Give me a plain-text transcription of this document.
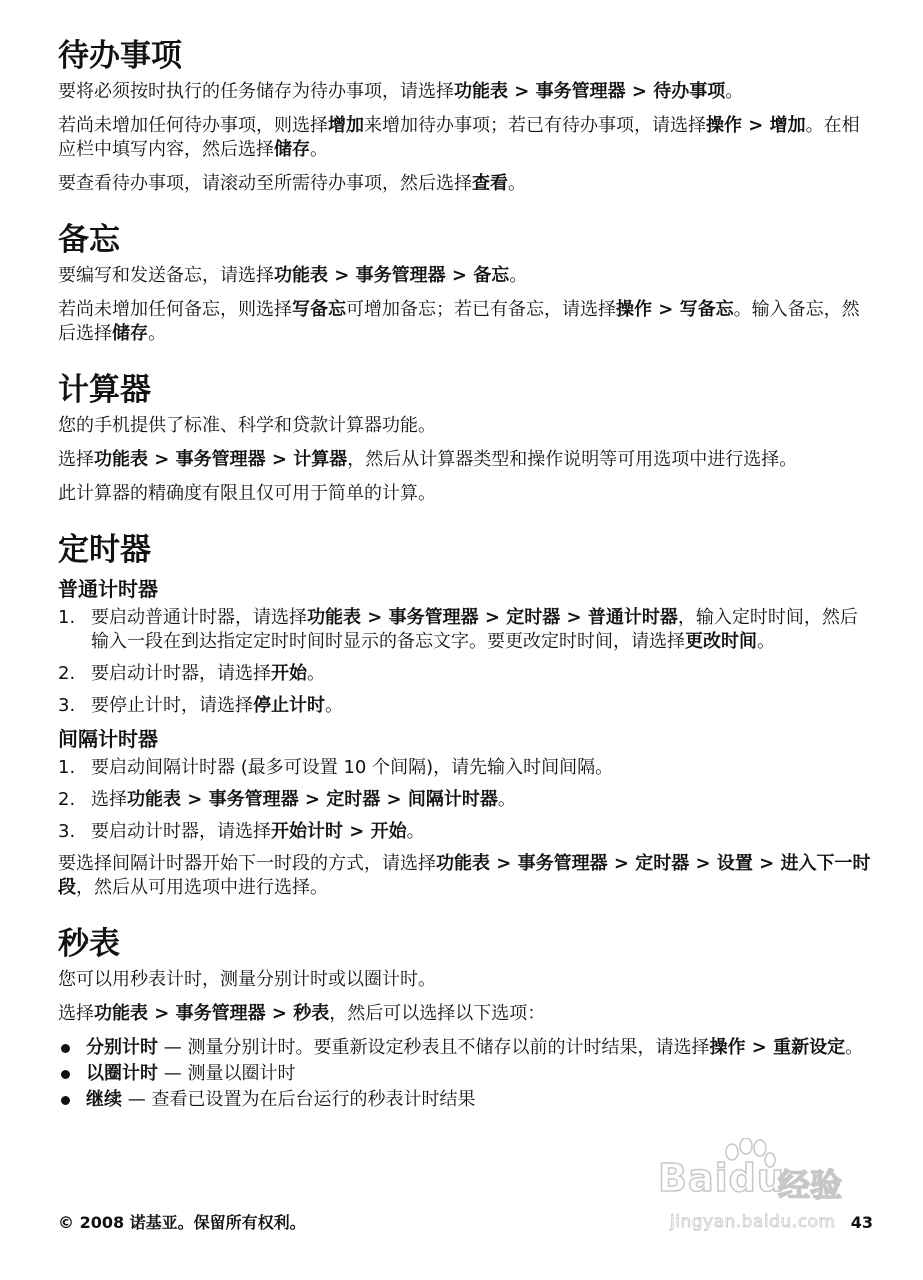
待办事项

要将必须按时执行的任务储存为待办事项，请选择功能表 > 事务管理器 > 待办事项。

若尚未增加任何待办事项，则选择增加来增加待办事项；若已有待办事项，请选择操作 > 增加。在相应栏中填写内容，然后选择储存。

要查看待办事项，请滚动至所需待办事项，然后选择查看。

备忘

要编写和发送备忘，请选择功能表 > 事务管理器 > 备忘。

若尚未增加任何备忘，则选择写备忘可增加备忘；若已有备忘，请选择操作 > 写备忘。输入备忘，然后选择储存。

计算器

您的手机提供了标准、科学和贷款计算器功能。

选择功能表 > 事务管理器 > 计算器，然后从计算器类型和操作说明等可用选项中进行选择。

此计算器的精确度有限且仅可用于简单的计算。

定时器
普通计时器
1. 要启动普通计时器，请选择功能表 > 事务管理器 > 定时器 > 普通计时器，输入定时时间，然后输入一段在到达指定定时时间时显示的备忘文字。要更改定时时间，请选择更改时间。
2. 要启动计时器，请选择开始。
3. 要停止计时，请选择停止计时。
间隔计时器
1. 要启动间隔计时器 (最多可设置 10 个间隔)，请先输入时间间隔。
2. 选择功能表 > 事务管理器 > 定时器 > 间隔计时器。
3. 要启动计时器，请选择开始计时 > 开始。

要选择间隔计时器开始下一时段的方式，请选择功能表 > 事务管理器 > 定时器 > 设置 > 进入下一时段，然后从可用选项中进行选择。

秒表

您可以用秒表计时，测量分别计时或以圈计时。

选择功能表 > 事务管理器 > 秒表，然后可以选择以下选项：

分别计时 — 测量分别计时。要重新设定秒表且不储存以前的计时结果，请选择操作 > 重新设定。
以圈计时 — 测量以圈计时
继续 — 查看已设置为在后台运行的秒表计时结果
Baidu
经验
jingyan.baidu.com
© 2008 诺基亚。保留所有权利。	43
